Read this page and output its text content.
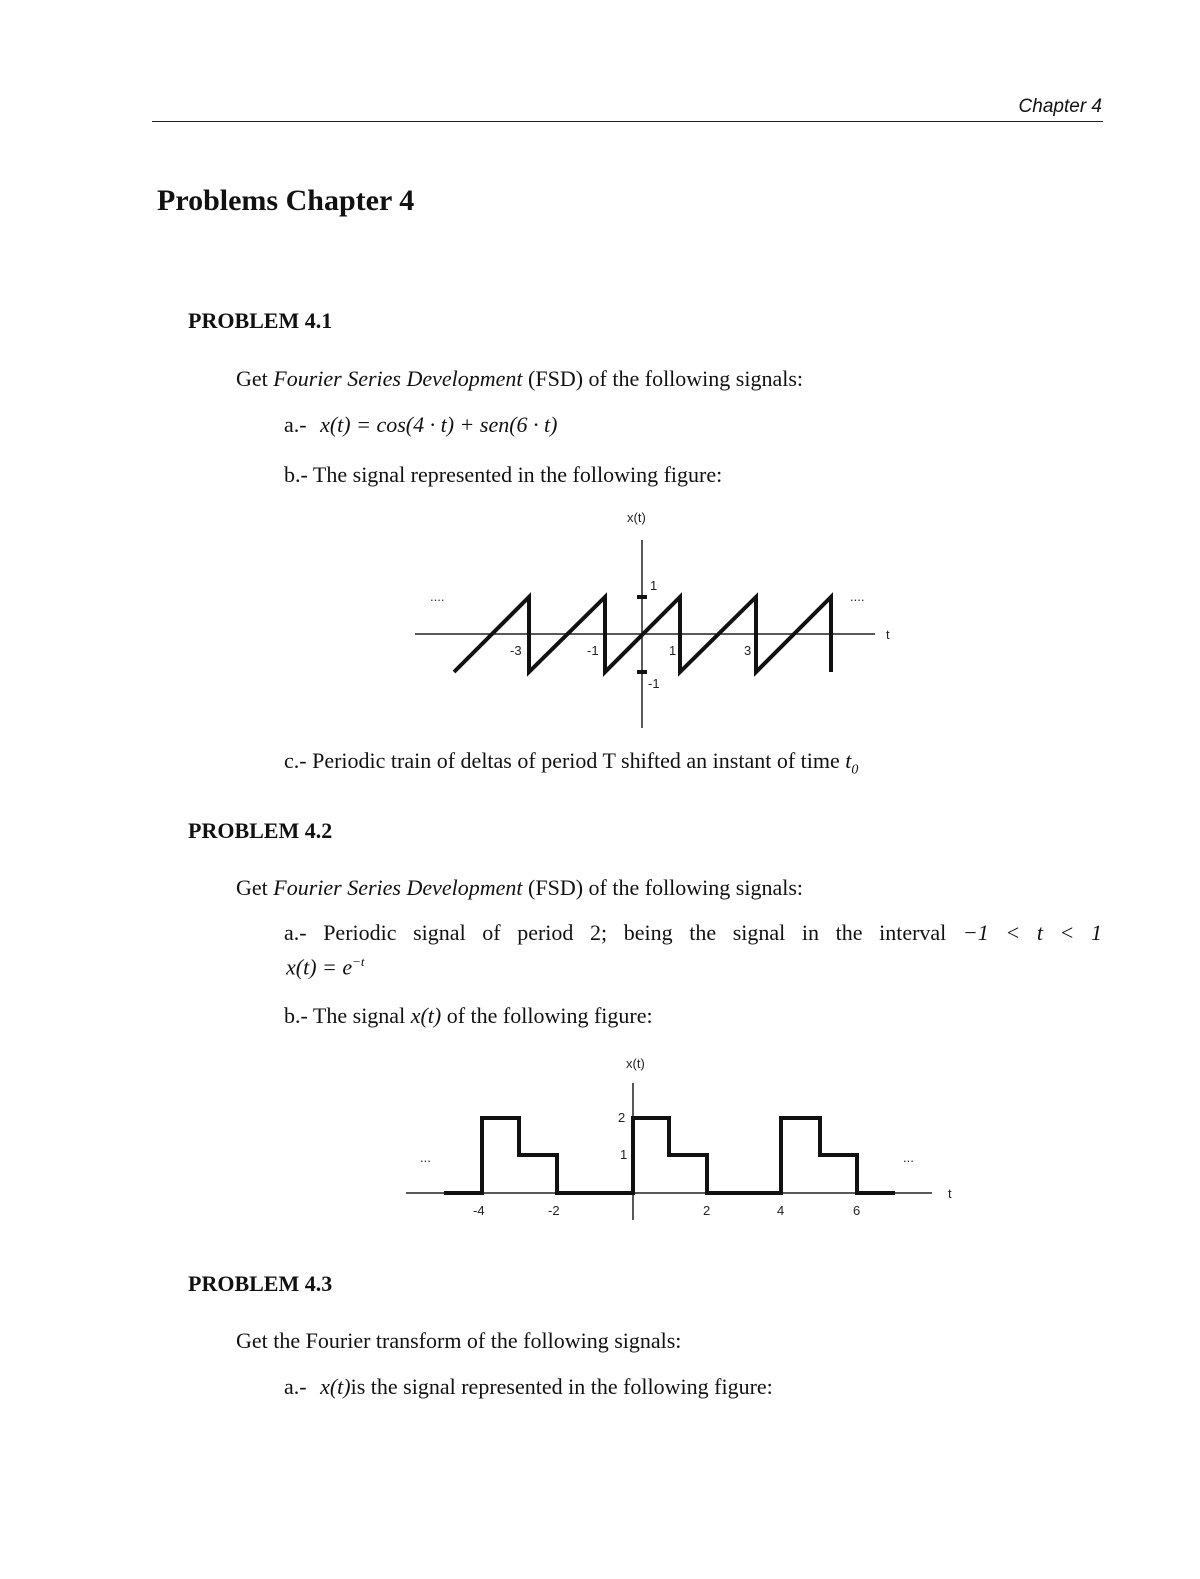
Chapter 4
Problems Chapter 4
PROBLEM 4.1
Get Fourier Series Development (FSD) of the following signals:
a.- x(t) = cos(4 · t) + sen(6 · t)
b.- The signal represented in the following figure:
x(t)
t
....	....
-3	-1	1	3
1
-1
c.- Periodic train of deltas of period T shifted an instant of time $t_0$
PROBLEM 4.2
Get Fourier Series Development (FSD) of the following signals:
a.- Periodic signal of period 2; being the signal in the interval −1 < t < 1
$x(t) = e^{-t}$
b.- The signal x(t) of the following figure:
x(t)
t
...	...
-4	-2	2	4	6
2
1
PROBLEM 4.3
Get the Fourier transform of the following signals:
a.- x(t)is the signal represented in the following figure:
